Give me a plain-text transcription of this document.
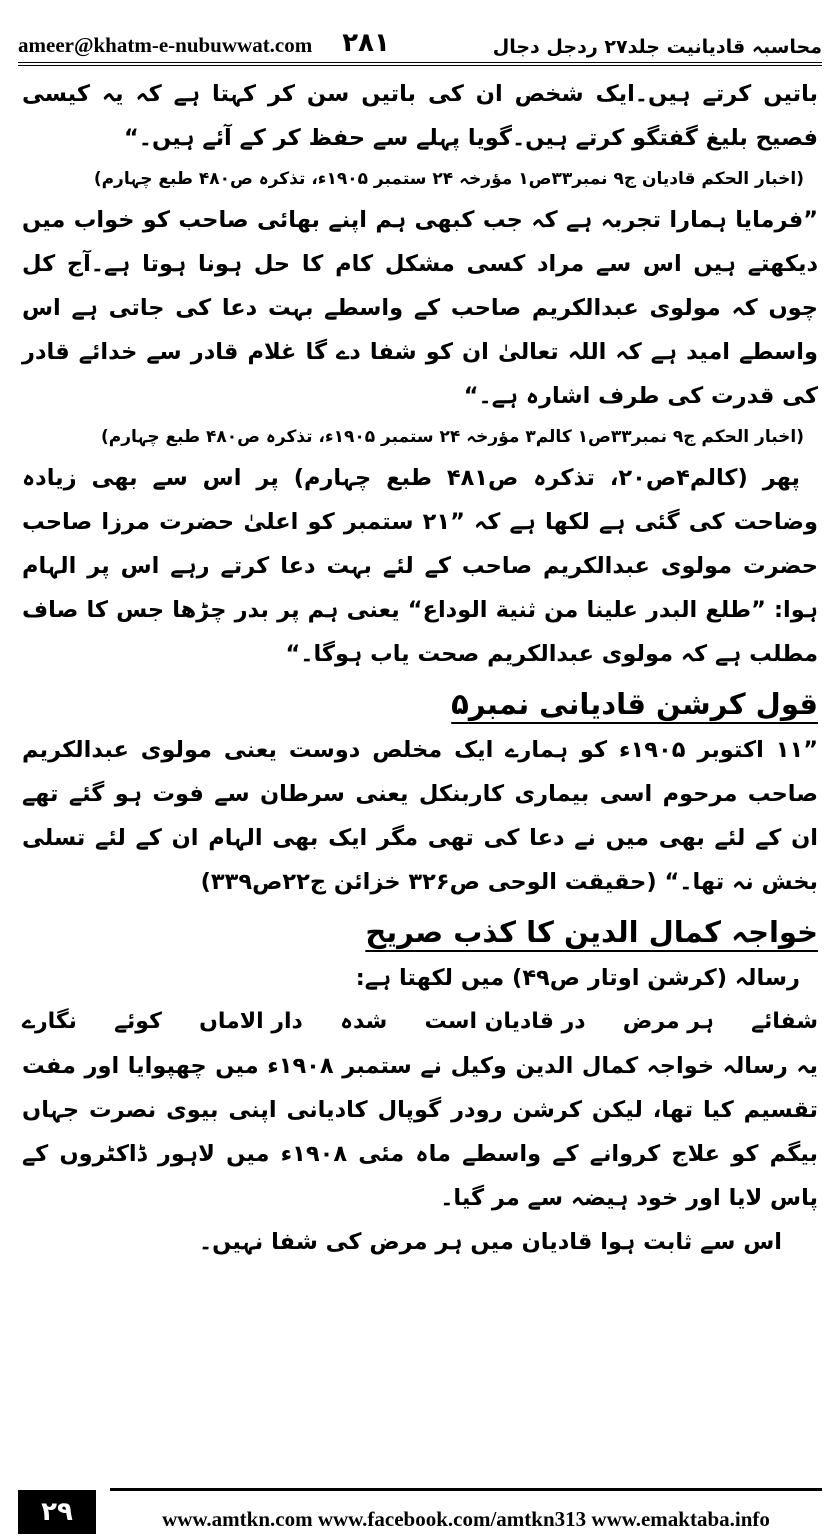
ameer@khatm-e-nubuwwat.com ۲۸۱	محاسبہ قادیانیت جلد۲۷ ردجل دجال

باتیں کرتے ہیں۔ایک شخص ان کی باتیں سن کر کہتا ہے کہ یہ کیسی فصیح بلیغ گفتگو کرتے ہیں۔گویا پہلے سے حفظ کر کے آئے ہیں۔“

(اخبار الحکم قادیان ج۹ نمبر۳۳ص۱ مؤرخہ ۲۴ ستمبر ۱۹۰۵ء، تذکرہ ص۴۸۰ طبع چہارم)

”فرمایا ہمارا تجربہ ہے کہ جب کبھی ہم اپنے بھائی صاحب کو خواب میں دیکھتے ہیں اس سے مراد کسی مشکل کام کا حل ہونا ہوتا ہے۔آج کل چوں کہ مولوی عبدالکریم صاحب کے واسطے بہت دعا کی جاتی ہے اس واسطے امید ہے کہ اللہ تعالیٰ ان کو شفا دے گا غلام قادر سے خدائے قادر کی قدرت کی طرف اشارہ ہے۔“

(اخبار الحکم ج۹ نمبر۳۳ص۱ کالم۳ مؤرخہ ۲۴ ستمبر ۱۹۰۵ء، تذکرہ ص۴۸۰ طبع چہارم)

پھر (کالم۴ص۲۰، تذکرہ ص۴۸۱ طبع چہارم) پر اس سے بھی زیادہ وضاحت کی گئی ہے لکھا ہے کہ ”۲۱ ستمبر کو اعلیٰ حضرت مرزا صاحب حضرت مولوی عبدالکریم صاحب کے لئے بہت دعا کرتے رہے اس پر الہام ہوا: ”طلع البدر علینا من ثنیة الوداع“ یعنی ہم پر بدر چڑھا جس کا صاف مطلب ہے کہ مولوی عبدالکریم صحت یاب ہوگا۔“

قول کرشن قادیانی نمبر۵

”۱۱ اکتوبر ۱۹۰۵ء کو ہمارے ایک مخلص دوست یعنی مولوی عبدالکریم صاحب مرحوم اسی بیماری کاربنکل یعنی سرطان سے فوت ہو گئے تھے ان کے لئے بھی میں نے دعا کی تھی مگر ایک بھی الہام ان کے لئے تسلی بخش نہ تھا۔“ (حقیقت الوحی ص۳۲۶ خزائن ج۲۲ص۳۳۹)

خواجہ کمال الدین کا کذب صریح

رسالہ (کرشن اوتار ص۴۹) میں لکھتا ہے:

شفائے
ہر مرض
در قادیان است
شدہ
دار الاماں
کوئے
نگارے

یہ رسالہ خواجہ کمال الدین وکیل نے ستمبر ۱۹۰۸ء میں چھپوایا اور مفت تقسیم کیا تھا، لیکن کرشن رودر گوپال کادیانی اپنی بیوی نصرت جہاں بیگم کو علاج کروانے کے واسطے ماہ مئی ۱۹۰۸ء میں لاہور ڈاکٹروں کے پاس لایا اور خود ہیضہ سے مر گیا۔

اس سے ثابت ہوا قادیان میں ہر مرض کی شفا نہیں۔

۲۹	www.amtkn.com www.facebook.com/amtkn313 www.emaktaba.info
